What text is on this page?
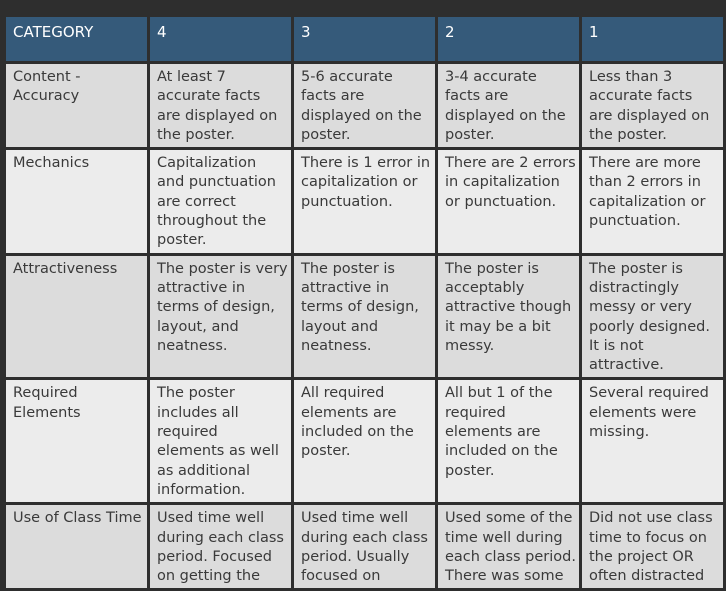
CATEGORY	4	3	2	1
Content - Accuracy	At least 7 accurate facts are displayed on the poster.	5-6 accurate facts are displayed on the poster.	3-4 accurate facts are displayed on the poster.	Less than 3 accurate facts are displayed on the poster.
Mechanics	Capitalization and punctuation are correct throughout the poster.	There is 1 error in capitalization or punctuation.	There are 2 errors in capitalization or punctuation.	There are more than 2 errors in capitalization or punctuation.
Attractiveness	The poster is very attractive in terms of design, layout, and neatness.	The poster is attractive in terms of design, layout and neatness.	The poster is acceptably attractive though it may be a bit messy.	The poster is distractingly messy or very poorly designed. It is not attractive.
Required Elements	The poster includes all required elements as well as additional information.	All required elements are included on the poster.	All but 1 of the required elements are included on the poster.	Several required elements were missing.
Use of Class Time	Used time well during each class period. Focused on getting the	Used time well during each class period. Usually focused on	Used some of the time well during each class period. There was some	Did not use class time to focus on the project OR often distracted
